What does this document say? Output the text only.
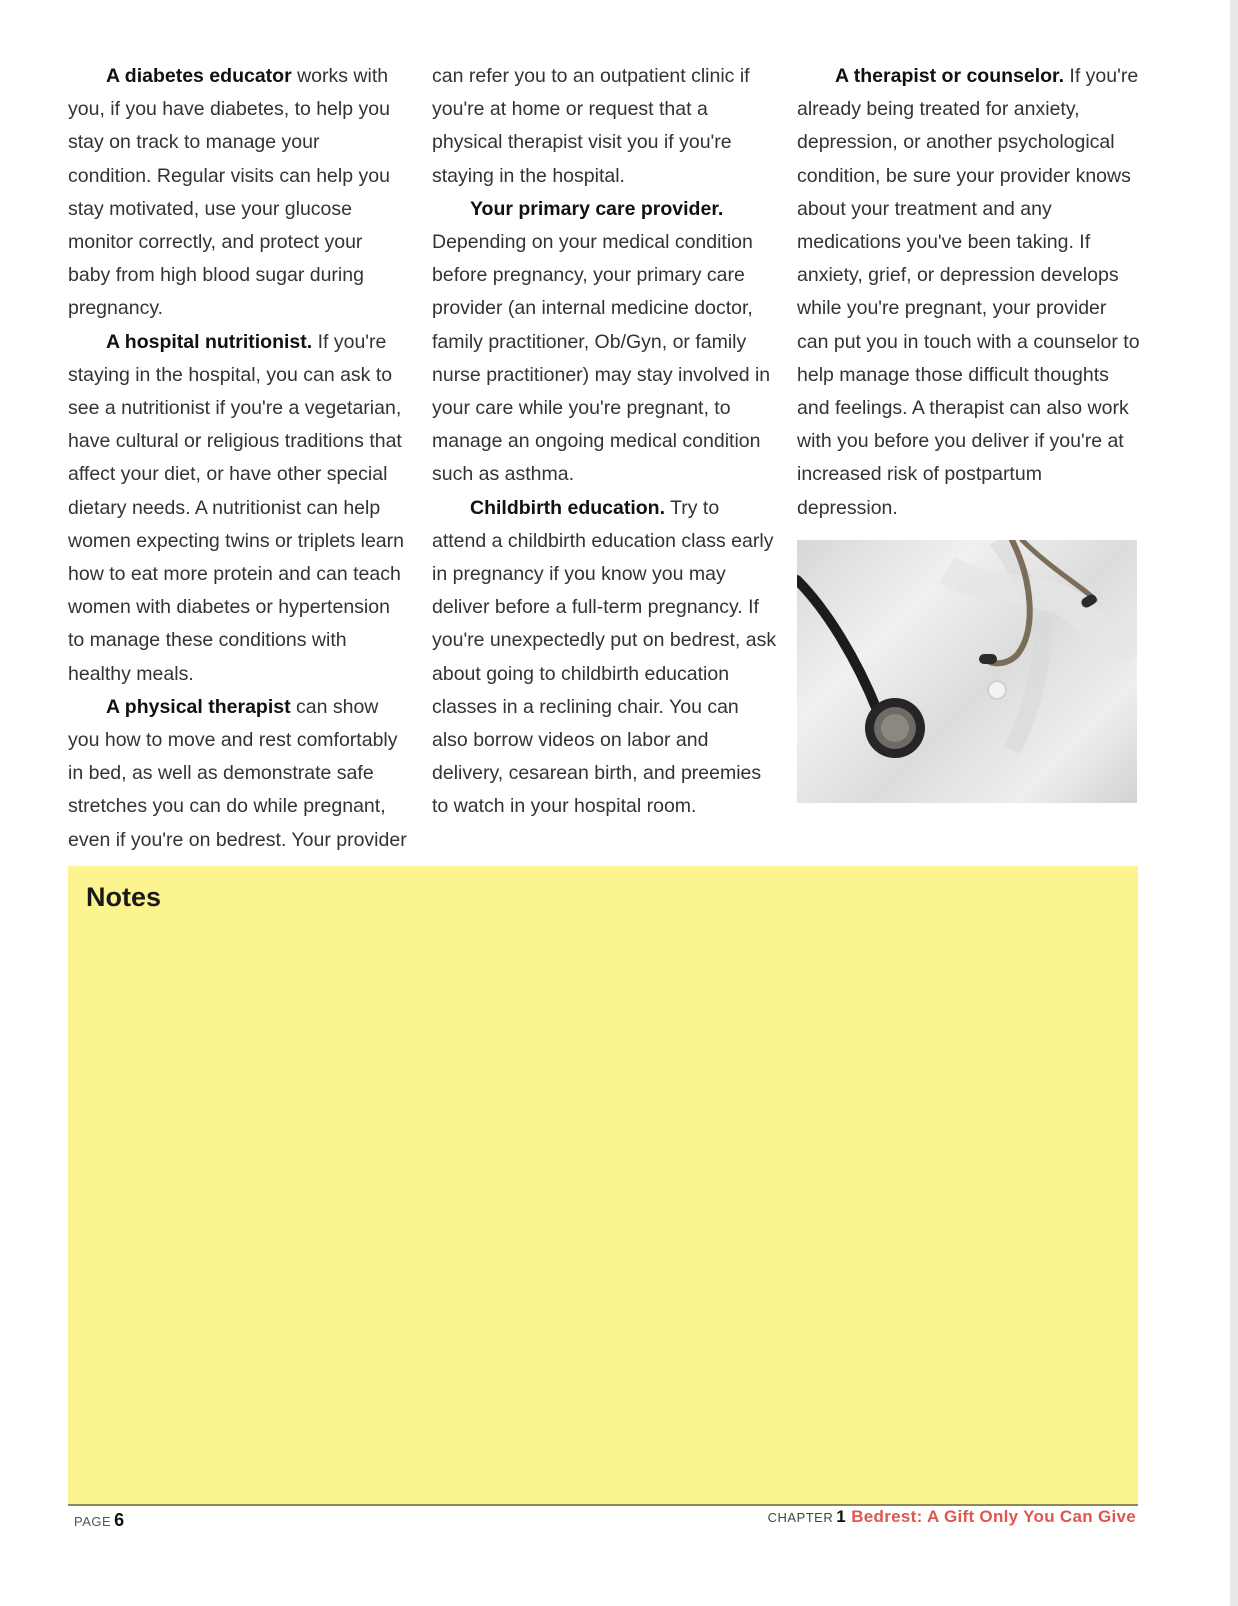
A diabetes educator works with you, if you have diabetes, to help you stay on track to manage your condition. Regular visits can help you stay motivated, use your glucose monitor correctly, and protect your baby from high blood sugar during pregnancy.

A hospital nutritionist. If you're staying in the hospital, you can ask to see a nutritionist if you're a vegetarian, have cultural or religious traditions that affect your diet, or have other special dietary needs. A nutritionist can help women expecting twins or triplets learn how to eat more protein and can teach women with diabetes or hypertension to manage these conditions with healthy meals.

A physical therapist can show you how to move and rest comfortably in bed, as well as demonstrate safe stretches you can do while pregnant, even if you're on bedrest. Your provider

can refer you to an outpatient clinic if you're at home or request that a physical therapist visit you if you're staying in the hospital.

Your primary care provider. Depending on your medical condition before pregnancy, your primary care provider (an internal medicine doctor, family practitioner, Ob/Gyn, or family nurse practitioner) may stay involved in your care while you're pregnant, to manage an ongoing medical condition such as asthma.

Childbirth education. Try to attend a childbirth education class early in pregnancy if you know you may deliver before a full-term pregnancy. If you're unexpectedly put on bedrest, ask about going to childbirth education classes in a reclining chair. You can also borrow videos on labor and delivery, cesarean birth, and preemies to watch in your hospital room.

A therapist or counselor. If you're already being treated for anxiety, depression, or another psychological condition, be sure your provider knows about your treatment and any medications you've been taking. If anxiety, grief, or depression develops while you're pregnant, your provider can put you in touch with a counselor to help manage those difficult thoughts and feelings. A therapist can also work with you before you deliver if you're at increased risk of postpartum depression.

Notes
PAGE 6	CHAPTER 1 Bedrest: A Gift Only You Can Give
